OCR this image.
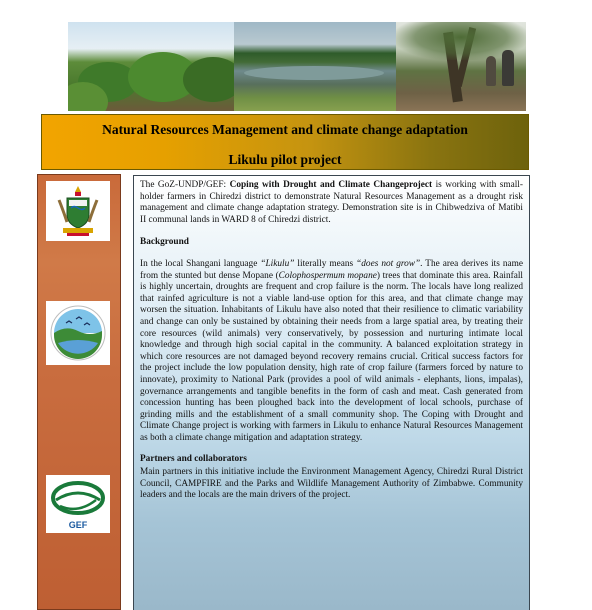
Natural Resources Management and climate change adaptation
Likulu pilot project
GEF

The GoZ-UNDP/GEF: Coping with Drought and Climate Changeproject is working with small-holder farmers in Chiredzi district to demonstrate Natural Resources Management as a drought risk management and climate change adaptation strategy. Demonstration site is in Chibwedziva of Matibi II communal lands in WARD 8 of Chiredzi district.

Background

In the local Shangani language “Likulu” literally means “does not grow”. The area derives its name from the stunted but dense Mopane (Colophospermum mopane) trees that dominate this area. Rainfall is highly uncertain, droughts are frequent and crop failure is the norm. The locals have long realized that rainfed agriculture is not a viable land-use option for this area, and that climate change may worsen the situation. Inhabitants of Likulu have also noted that their resilience to climatic variability and change can only be sustained by obtaining their needs from a large spatial area, by treating their core resources (wild animals) very conservatively, by possession and nurturing intimate local knowledge and through high social capital in the community. A balanced exploitation strategy in which core resources are not damaged beyond recovery remains crucial. Critical success factors for the project include the low population density, high rate of crop failure (farmers forced by nature to innovate), proximity to National Park (provides a pool of wild animals - elephants, lions, impalas), governance arrangements and tangible benefits in the form of cash and meat. Cash generated from concession hunting has been ploughed back into the development of local schools, purchase of grinding mills and the establishment of a small community shop. The Coping with Drought and Climate Change project is working with farmers in Likulu to enhance Natural Resources Management as both a climate change mitigation and adaptation strategy.

Partners and collaborators

Main partners in this initiative include the Environment Management Agency, Chiredzi Rural District Council, CAMPFIRE and the Parks and Wildlife Management Authority of Zimbabwe. Community leaders and the locals are the main drivers of the project.
